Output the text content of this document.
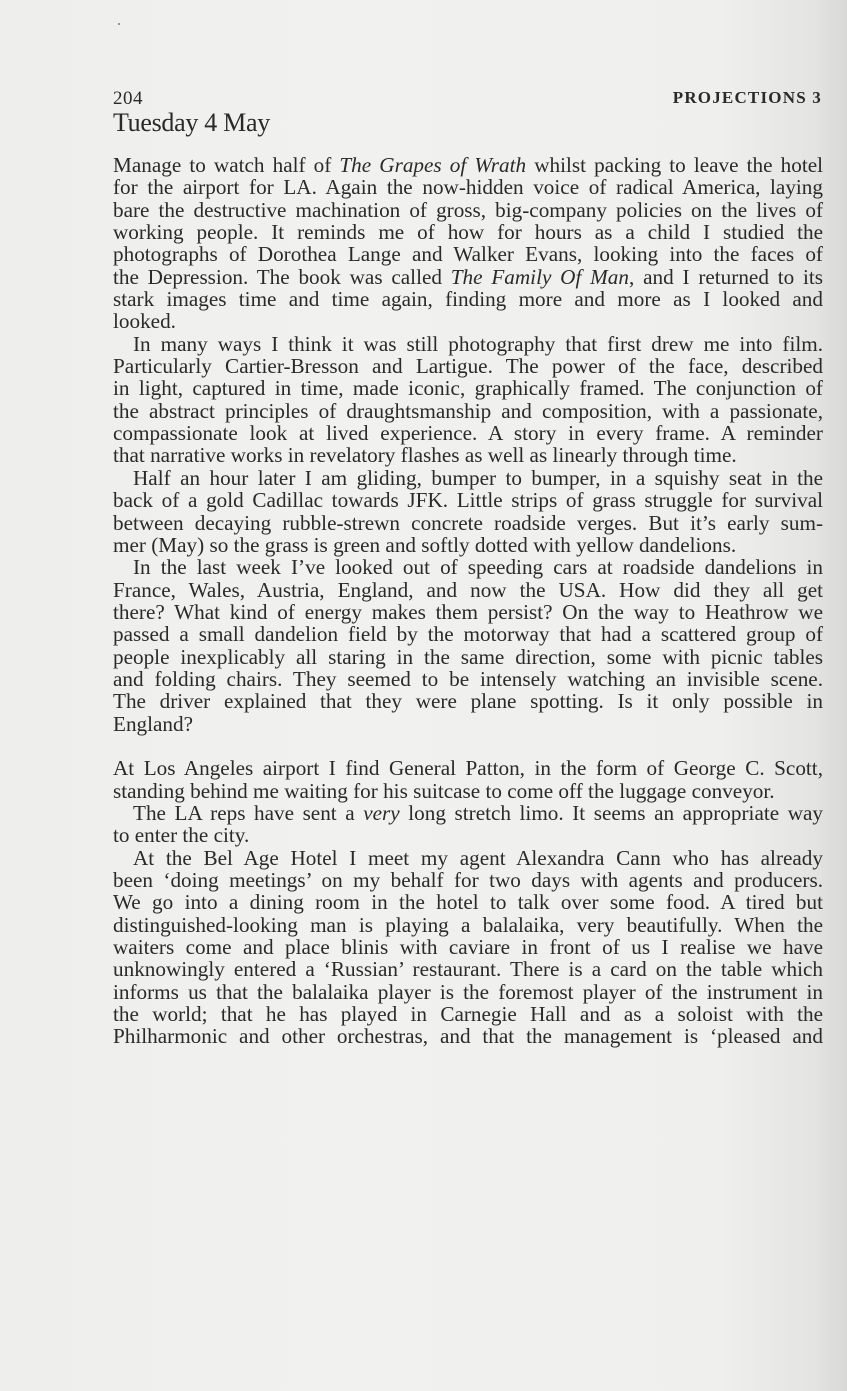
204	PROJECTIONS 3
Tuesday 4 May
Manage to watch half of The Grapes of Wrath whilst packing to leave the hotel
for the airport for LA. Again the now-hidden voice of radical America, laying
bare the destructive machination of gross, big-company policies on the lives of
working people. It reminds me of how for hours as a child I studied the
photographs of Dorothea Lange and Walker Evans, looking into the faces of
the Depression. The book was called The Family Of Man, and I returned to its
stark images time and time again, finding more and more as I looked and
looked.
In many ways I think it was still photography that first drew me into film.
Particularly Cartier-Bresson and Lartigue. The power of the face, described
in light, captured in time, made iconic, graphically framed. The conjunction of
the abstract principles of draughtsmanship and composition, with a passionate,
compassionate look at lived experience. A story in every frame. A reminder
that narrative works in revelatory flashes as well as linearly through time.
Half an hour later I am gliding, bumper to bumper, in a squishy seat in the
back of a gold Cadillac towards JFK. Little strips of grass struggle for survival
between decaying rubble-strewn concrete roadside verges. But it’s early sum-
mer (May) so the grass is green and softly dotted with yellow dandelions.
In the last week I’ve looked out of speeding cars at roadside dandelions in
France, Wales, Austria, England, and now the USA. How did they all get
there? What kind of energy makes them persist? On the way to Heathrow we
passed a small dandelion field by the motorway that had a scattered group of
people inexplicably all staring in the same direction, some with picnic tables
and folding chairs. They seemed to be intensely watching an invisible scene.
The driver explained that they were plane spotting. Is it only possible in
England?
At Los Angeles airport I find General Patton, in the form of George C. Scott,
standing behind me waiting for his suitcase to come off the luggage conveyor.
The LA reps have sent a very long stretch limo. It seems an appropriate way
to enter the city.
At the Bel Age Hotel I meet my agent Alexandra Cann who has already
been ‘doing meetings’ on my behalf for two days with agents and producers.
We go into a dining room in the hotel to talk over some food. A tired but
distinguished-looking man is playing a balalaika, very beautifully. When the
waiters come and place blinis with caviare in front of us I realise we have
unknowingly entered a ‘Russian’ restaurant. There is a card on the table which
informs us that the balalaika player is the foremost player of the instrument in
the world; that he has played in Carnegie Hall and as a soloist with the
Philharmonic and other orchestras, and that the management is ‘pleased and
